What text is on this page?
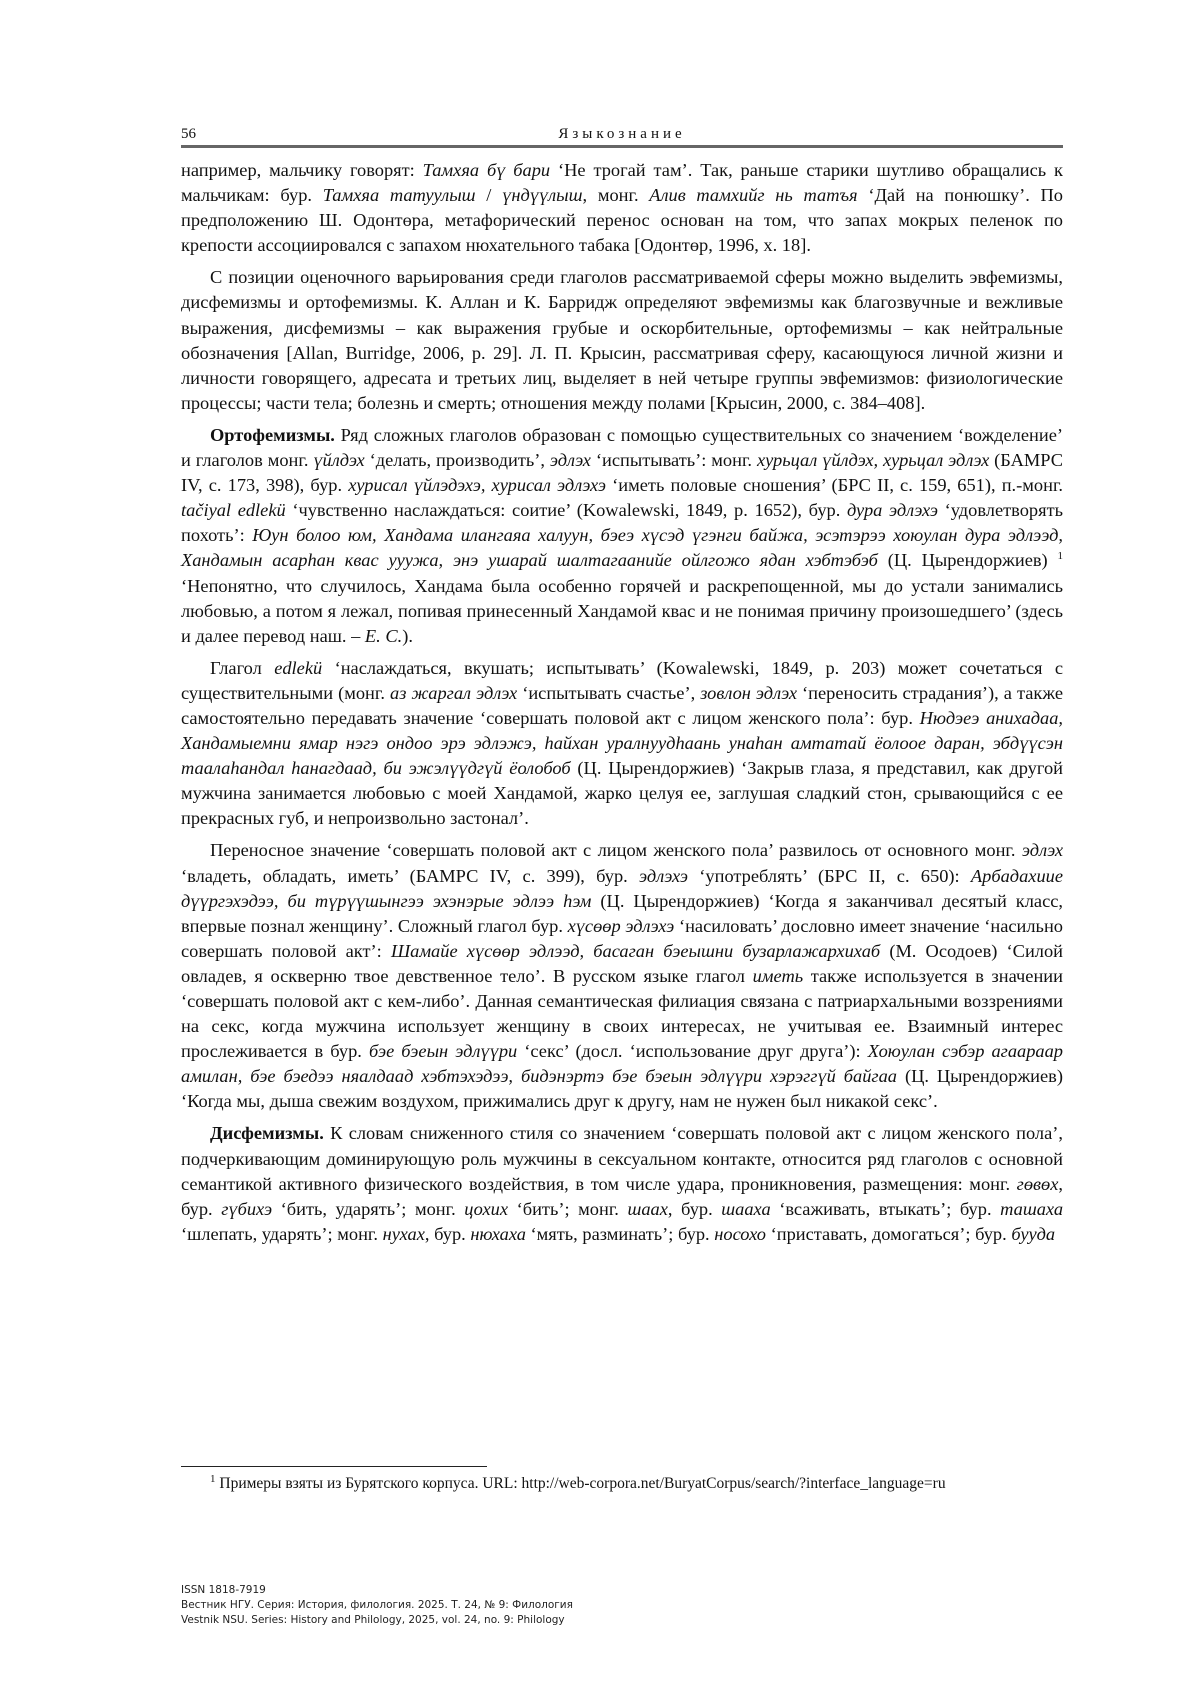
56	Языкознание

например, мальчику говорят: Тамхяа бү бари ‘Не трогай там’. Так, раньше старики шутливо обращались к мальчикам: бур. Тамхяа татуулыш / үндүүлыш, монг. Алив тамхийг нь татъя ‘Дай на понюшку’. По предположению Ш. Одонтөра, метафорический перенос основан на том, что запах мокрых пеленок по крепости ассоциировался с запахом нюхательного табака [Одонтөр, 1996, х. 18].

С позиции оценочного варьирования среди глаголов рассматриваемой сферы можно выделить эвфемизмы, дисфемизмы и ортофемизмы. К. Аллан и К. Барридж определяют эвфемизмы как благозвучные и вежливые выражения, дисфемизмы – как выражения грубые и оскорбительные, ортофемизмы – как нейтральные обозначения [Allan, Burridge, 2006, p. 29]. Л. П. Крысин, рассматривая сферу, касающуюся личной жизни и личности говорящего, адресата и третьих лиц, выделяет в ней четыре группы эвфемизмов: физиологические процессы; части тела; болезнь и смерть; отношения между полами [Крысин, 2000, с. 384–408].

Ортофемизмы. Ряд сложных глаголов образован с помощью существительных со значением ‘вожделение’ и глаголов монг. үйлдэх ‘делать, производить’, эдлэх ‘испытывать’: монг. хурьцал үйлдэх, хурьцал эдлэх (БАМРС IV, с. 173, 398), бур. хурисал үйлэдэхэ, хурисал эдлэхэ ‘иметь половые сношения’ (БРС II, с. 159, 651), п.-монг. tačiyal edlekü ‘чувственно наслаждаться: соитие’ (Kowalewski, 1849, p. 1652), бур. дура эдлэхэ ‘удовлетворять похоть’: Юун болоо юм, Хандама илангаяа халуун, бэеэ хүсэд үгэнги байжа, эсэтэрээ хоюулан дура эдлээд, Хандамын асарһан квас ууужа, энэ ушарай шалтагаанийе ойлгожо ядан хэбтэбэб (Ц. Цырендоржиев) $^1$ ‘Непонятно, что случилось, Хандама была особенно горячей и раскрепощенной, мы до устали занимались любовью, а потом я лежал, попивая принесенный Хандамой квас и не понимая причину произошедшего’ (здесь и далее перевод наш. – Е. С.).

Глагол edlekü ‘наслаждаться, вкушать; испытывать’ (Kowalewski, 1849, p. 203) может сочетаться с существительными (монг. аз жаргал эдлэх ‘испытывать счастье’, зовлон эдлэх ‘переносить страдания’), а также самостоятельно передавать значение ‘совершать половой акт с лицом женского пола’: бур. Нюдэеэ анихадаа, Хандамыемни ямар нэгэ ондоо эрэ эдлэжэ, һайхан уралнуудһаань унаһан амтатай ёолоое даран, эбдүүсэн таалаһандал һанагдаад, би эжэлүүдгүй ёолобоб (Ц. Цырендоржиев) ‘Закрыв глаза, я представил, как другой мужчина занимается любовью с моей Хандамой, жарко целуя ее, заглушая сладкий стон, срывающийся с ее прекрасных губ, и непроизвольно застонал’.

Переносное значение ‘совершать половой акт с лицом женского пола’ развилось от основного монг. эдлэх ‘владеть, обладать, иметь’ (БАМРС IV, с. 399), бур. эдлэхэ ‘употреблять’ (БРС II, с. 650): Арбадахиие дүүргэхэдээ, би түрүүшынгээ эхэнэрые эдлээ һэм (Ц. Цырендоржиев) ‘Когда я заканчивал десятый класс, впервые познал женщину’. Сложный глагол бур. хүсөөр эдлэхэ ‘насиловать’ дословно имеет значение ‘насильно совершать половой акт’: Шамайе хүсөөр эдлээд, басаган бэеышни бузарлажархихаб (М. Осодоев) ‘Силой овладев, я оскверню твое девственное тело’. В русском языке глагол иметь также используется в значении ‘совершать половой акт с кем-либо’. Данная семантическая филиация связана с патриархальными воззрениями на секс, когда мужчина использует женщину в своих интересах, не учитывая ее. Взаимный интерес прослеживается в бур. бэе бэеын эдлүүри ‘секс’ (досл. ‘использование друг друга’): Хоюулан сэбэр агаараар амилан, бэе бэедээ няалдаад хэбтэхэдээ, бидэнэртэ бэе бэеын эдлүүри хэрэггүй байгаа (Ц. Цырендоржиев) ‘Когда мы, дыша свежим воздухом, прижимались друг к другу, нам не нужен был никакой секс’.

Дисфемизмы. К словам сниженного стиля со значением ‘совершать половой акт с лицом женского пола’, подчеркивающим доминирующую роль мужчины в сексуальном контакте, относится ряд глаголов с основной семантикой активного физического воздействия, в том числе удара, проникновения, размещения: монг. гөвөх, бур. гүбихэ ‘бить, ударять’; монг. цохих ‘бить’; монг. шаах, бур. шааха ‘всаживать, втыкать’; бур. ташаха ‘шлепать, ударять’; монг. нухах, бур. нюхаха ‘мять, разминать’; бур. носохо ‘приставать, домогаться’; бур. бууда

$^1$ Примеры взяты из Бурятского корпуса. URL: http://web-corpora.net/BuryatCorpus/search/?interface_language=ru
ISSN 1818-7919
Вестник НГУ. Серия: История, филология. 2025. Т. 24, № 9: Филология
Vestnik NSU. Series: History and Philology, 2025, vol. 24, no. 9: Philology
